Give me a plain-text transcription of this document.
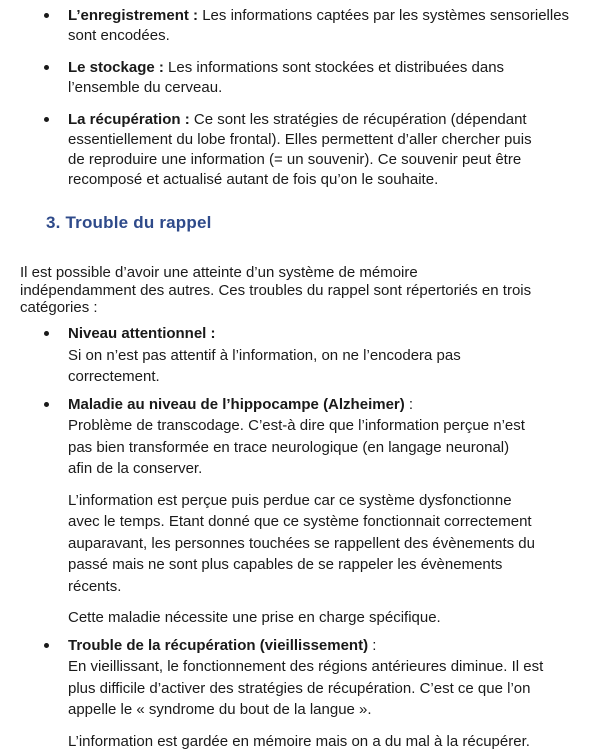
L’enregistrement : Les informations captées par les systèmes sensorielles
sont encodées.
Le stockage : Les informations sont stockées et distribuées dans
l’ensemble du cerveau.
La récupération : Ce sont les stratégies de récupération (dépendant
essentiellement du lobe frontal). Elles permettent d’aller chercher puis
de reproduire une information (= un souvenir). Ce souvenir peut être
recomposé et actualisé autant de fois qu’on le souhaite.
3. Trouble du rappel
Il est possible d’avoir une atteinte d’un système de mémoire
indépendamment des autres. Ces troubles du rappel sont répertoriés en trois
catégories :
Niveau attentionnel :
Si on n’est pas attentif à l’information, on ne l’encodera pas
correctement.
Maladie au niveau de l’hippocampe (Alzheimer) :
Problème de transcodage. C’est-à dire que l’information perçue n’est
pas bien transformée en trace neurologique (en langage neuronal)
afin de la conserver.
L’information est perçue puis perdue car ce système dysfonctionne
avec le temps. Etant donné que ce système fonctionnait correctement
auparavant, les personnes touchées se rappellent des évènements du
passé mais ne sont plus capables de se rappeler les évènements
récents.
Cette maladie nécessite une prise en charge spécifique.
Trouble de la récupération (vieillissement) :
En vieillissant, le fonctionnement des régions antérieures diminue. Il est
plus difficile d’activer des stratégies de récupération. C’est ce que l’on
appelle le « syndrome du bout de la langue ».
L’information est gardée en mémoire mais on a du mal à la récupérer.
